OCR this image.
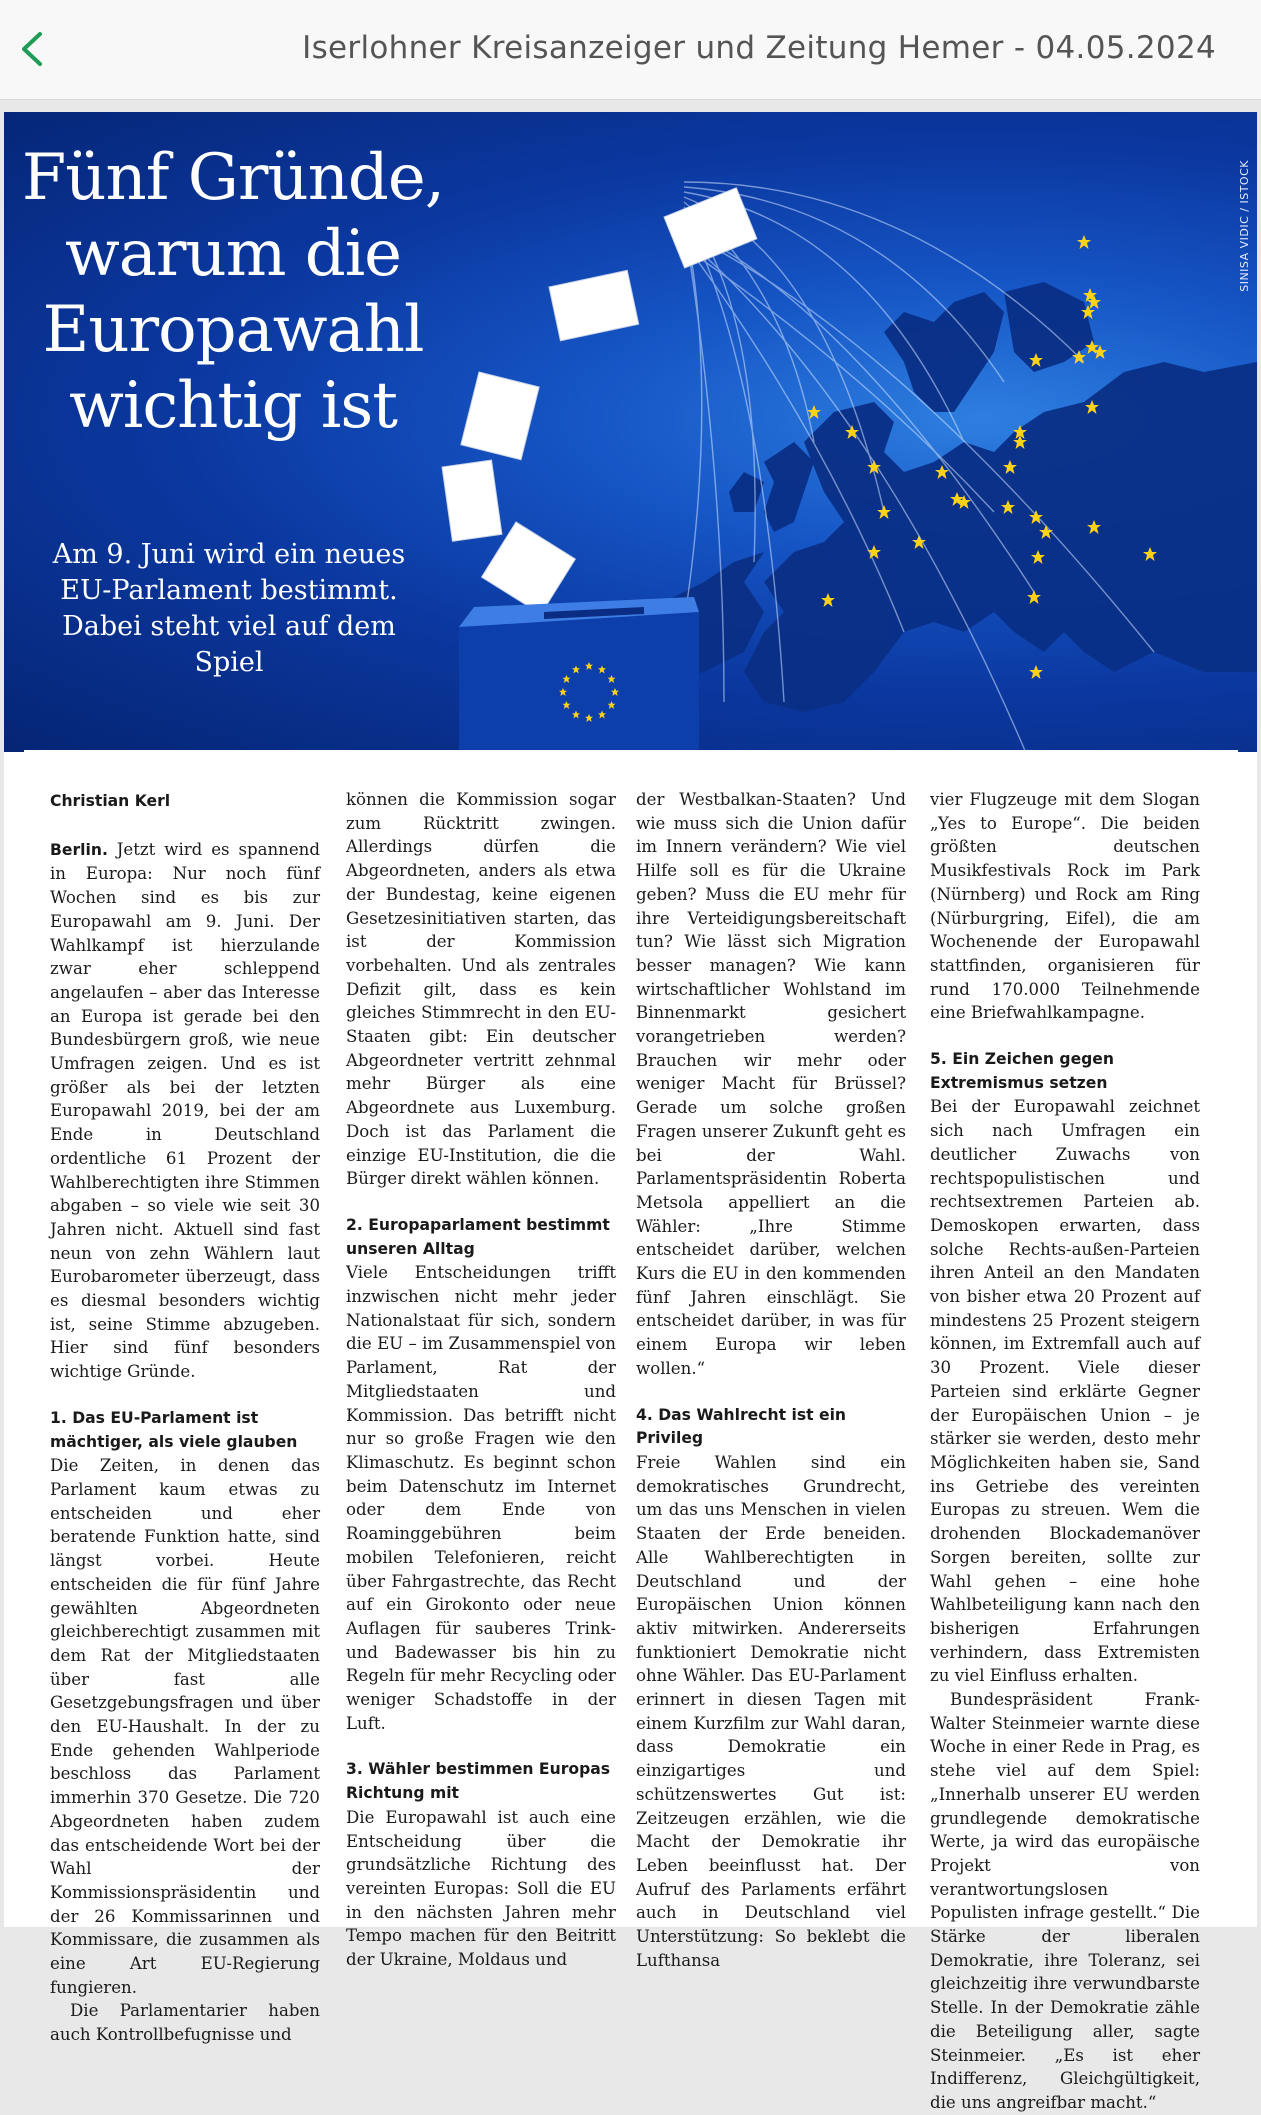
Iserlohner Kreisanzeiger und Zeitung Hemer - 04.05.2024
Fünf Gründe,
warum die
Europawahl
wichtig ist
Am 9. Juni wird ein neues
EU-Parlament bestimmt.
Dabei steht viel auf dem Spiel
SINISA VIDIC / ISTOCK
Christian Kerl

Berlin. Jetzt wird es spannend in Europa: Nur noch fünf Wochen sind es bis zur Europawahl am 9. Juni. Der Wahlkampf ist hierzulande zwar eher schleppend angelaufen – aber das Interesse an Europa ist gerade bei den Bundesbürgern groß, wie neue Umfragen zeigen. Und es ist größer als bei der letzten Europawahl 2019, bei der am Ende in Deutschland ordentliche 61 Prozent der Wahlberechtigten ihre Stimmen abgaben – so viele wie seit 30 Jahren nicht. Aktuell sind fast neun von zehn Wählern laut Eurobarometer überzeugt, dass es diesmal besonders wichtig ist, seine Stimme abzugeben. Hier sind fünf besonders wichtige Gründe.

1. Das EU-Parlament ist mächtiger, als viele glauben

Die Zeiten, in denen das Parlament kaum etwas zu entscheiden und eher beratende Funktion hatte, sind längst vorbei. Heute entscheiden die für fünf Jahre gewählten Abgeordneten gleichberechtigt zusammen mit dem Rat der Mitgliedstaaten über fast alle Gesetzgebungsfragen und über den EU-Haushalt. In der zu Ende gehenden Wahlperiode beschloss das Parlament immerhin 370 Gesetze. Die 720 Abgeordneten haben zudem das entscheidende Wort bei der Wahl der Kommissionspräsidentin und der 26 Kommissarinnen und Kommissare, die zusammen als eine Art EU-Regierung fungieren.

Die Parlamentarier haben auch Kontrollbefugnisse und

können die Kommission sogar zum Rücktritt zwingen. Allerdings dürfen die Abgeordneten, anders als etwa der Bundestag, keine eigenen Gesetzesinitiativen starten, das ist der Kommission vorbehalten. Und als zentrales Defizit gilt, dass es kein gleiches Stimmrecht in den EU-Staaten gibt: Ein deutscher Abgeordneter vertritt zehnmal mehr Bürger als eine Abgeordnete aus Luxemburg. Doch ist das Parlament die einzige EU-Institution, die die Bürger direkt wählen können.

2. Europaparlament bestimmt unseren Alltag

Viele Entscheidungen trifft inzwischen nicht mehr jeder Nationalstaat für sich, sondern die EU – im Zusammenspiel von Parlament, Rat der Mitgliedstaaten und Kommission. Das betrifft nicht nur so große Fragen wie den Klimaschutz. Es beginnt schon beim Datenschutz im Internet oder dem Ende von Roaminggebühren beim mobilen Telefonieren, reicht über Fahrgastrechte, das Recht auf ein Girokonto oder neue Auflagen für sauberes Trink- und Badewasser bis hin zu Regeln für mehr Recycling oder weniger Schadstoffe in der Luft.

3. Wähler bestimmen Europas Richtung mit

Die Europawahl ist auch eine Entscheidung über die grundsätzliche Richtung des vereinten Europas: Soll die EU in den nächsten Jahren mehr Tempo machen für den Beitritt der Ukraine, Moldaus und

der Westbalkan-Staaten? Und wie muss sich die Union dafür im Innern verändern? Wie viel Hilfe soll es für die Ukraine geben? Muss die EU mehr für ihre Verteidigungsbereitschaft tun? Wie lässt sich Migration besser managen? Wie kann wirtschaftlicher Wohlstand im Binnenmarkt gesichert vorangetrieben werden? Brauchen wir mehr oder weniger Macht für Brüssel? Gerade um solche großen Fragen unserer Zukunft geht es bei der Wahl. Parlamentspräsidentin Roberta Metsola appelliert an die Wähler: „Ihre Stimme entscheidet darüber, welchen Kurs die EU in den kommenden fünf Jahren einschlägt. Sie entscheidet darüber, in was für einem Europa wir leben wollen.“

4. Das Wahlrecht ist ein Privileg

Freie Wahlen sind ein demokratisches Grundrecht, um das uns Menschen in vielen Staaten der Erde beneiden. Alle Wahlberechtigten in Deutschland und der Europäischen Union können aktiv mitwirken. Andererseits funktioniert Demokratie nicht ohne Wähler. Das EU-Parlament erinnert in diesen Tagen mit einem Kurzfilm zur Wahl daran, dass Demokratie ein einzigartiges und schützenswertes Gut ist: Zeitzeugen erzählen, wie die Macht der Demokratie ihr Leben beeinflusst hat. Der Aufruf des Parlaments erfährt auch in Deutschland viel Unterstützung: So beklebt die Lufthansa

vier Flugzeuge mit dem Slogan „Yes to Europe“. Die beiden größten deutschen Musikfestivals Rock im Park (Nürnberg) und Rock am Ring (Nürburgring, Eifel), die am Wochenende der Europawahl stattfinden, organisieren für rund 170.000 Teilnehmende eine Briefwahlkampagne.

5. Ein Zeichen gegen Extremismus setzen

Bei der Europawahl zeichnet sich nach Umfragen ein deutlicher Zuwachs von rechtspopulistischen und rechtsextremen Parteien ab. Demoskopen erwarten, dass solche Rechts-außen-Parteien ihren Anteil an den Mandaten von bisher etwa 20 Prozent auf mindestens 25 Prozent steigern können, im Extremfall auch auf 30 Prozent. Viele dieser Parteien sind erklärte Gegner der Europäischen Union – je stärker sie werden, desto mehr Möglichkeiten haben sie, Sand ins Getriebe des vereinten Europas zu streuen. Wem die drohenden Blockademanöver Sorgen bereiten, sollte zur Wahl gehen – eine hohe Wahlbeteiligung kann nach den bisherigen Erfahrungen verhindern, dass Extremisten zu viel Einfluss erhalten.

Bundespräsident Frank-Walter Steinmeier warnte diese Woche in einer Rede in Prag, es stehe viel auf dem Spiel: „Innerhalb unserer EU werden grundlegende demokratische Werte, ja wird das europäische Projekt von verantwortungslosen Populisten infrage gestellt.“ Die Stärke der liberalen Demokratie, ihre Toleranz, sei gleichzeitig ihre verwundbarste Stelle. In der Demokratie zähle die Beteiligung aller, sagte Steinmeier. „Es ist eher Indifferenz, Gleichgültigkeit, die uns angreifbar macht.“
